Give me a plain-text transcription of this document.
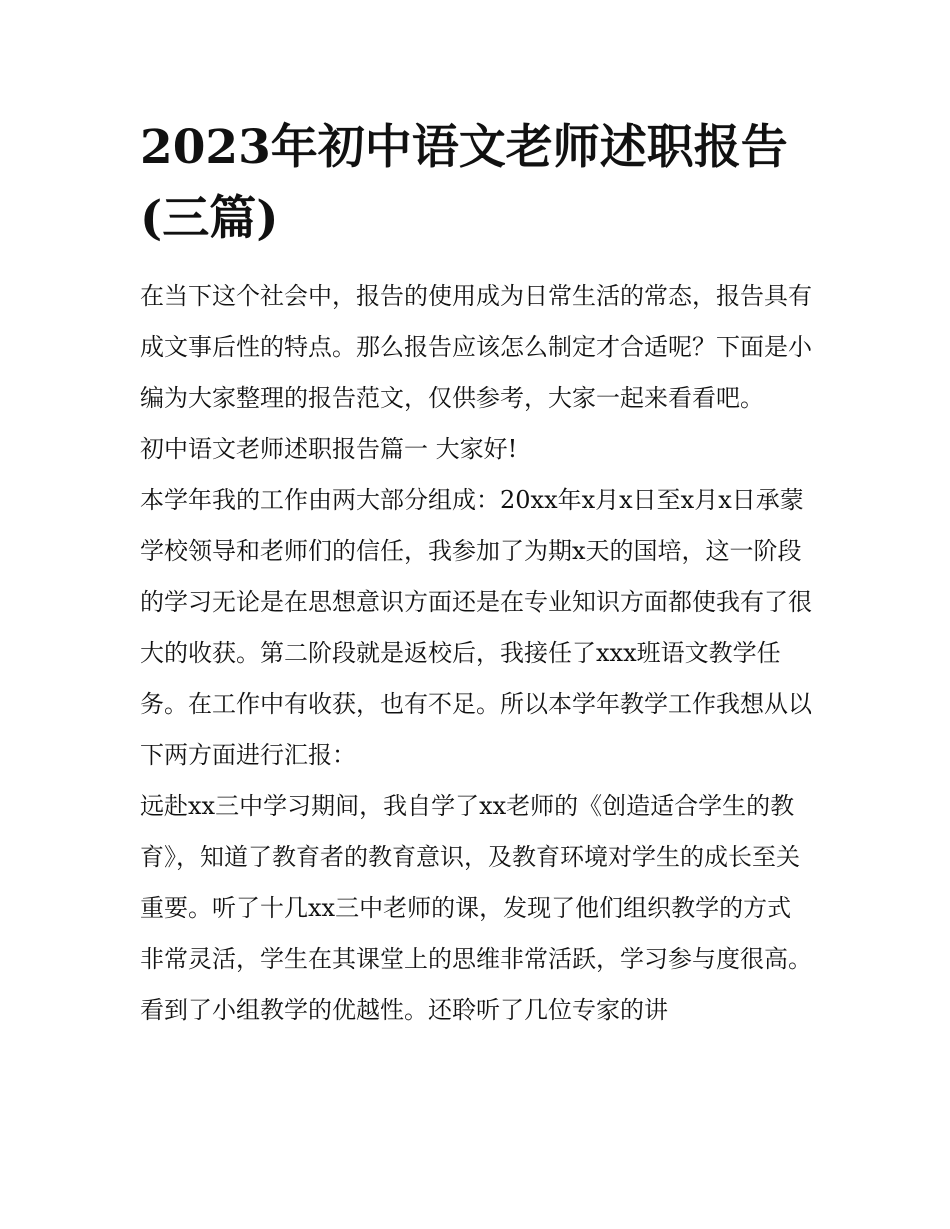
2023年初中语文老师述职报告
(三篇)

在当下这个社会中，报告的使用成为日常生活的常态，报告具有成文事后性的特点。那么报告应该怎么制定才合适呢？下面是小编为大家整理的报告范文，仅供参考，大家一起来看看吧。

初中语文老师述职报告篇一 大家好!

本学年我的工作由两大部分组成：20xx年x月x日至x月x日承蒙学校领导和老师们的信任，我参加了为期x天的国培，这一阶段的学习无论是在思想意识方面还是在专业知识方面都使我有了很大的收获。第二阶段就是返校后，我接任了xxx班语文教学任务。在工作中有收获，也有不足。所以本学年教学工作我想从以下两方面进行汇报：

远赴xx三中学习期间，我自学了xx老师的《创造适合学生的教育》，知道了教育者的教育意识，及教育环境对学生的成长至关重要。听了十几xx三中老师的课，发现了他们组织教学的方式非常灵活，学生在其课堂上的思维非常活跃，学习参与度很高。看到了小组教学的优越性。还聆听了几位专家的讲
